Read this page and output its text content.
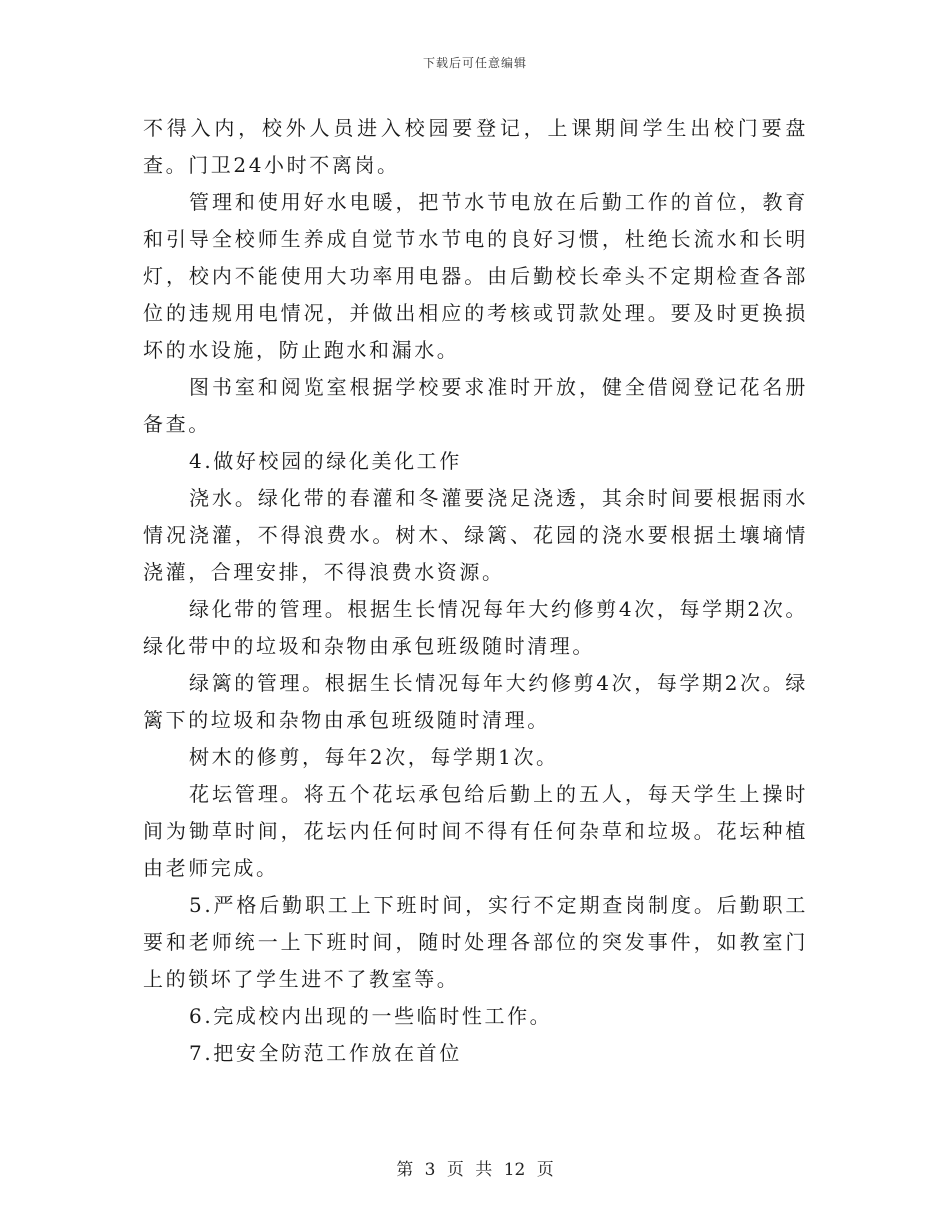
下载后可任意编辑

不得入内，校外人员进入校园要登记，上课期间学生出校门要盘查。门卫24小时不离岗。

管理和使用好水电暖，把节水节电放在后勤工作的首位，教育和引导全校师生养成自觉节水节电的良好习惯，杜绝长流水和长明灯，校内不能使用大功率用电器。由后勤校长牵头不定期检查各部位的违规用电情况，并做出相应的考核或罚款处理。要及时更换损坏的水设施，防止跑水和漏水。

图书室和阅览室根据学校要求准时开放，健全借阅登记花名册备查。

4.做好校园的绿化美化工作

浇水。绿化带的春灌和冬灌要浇足浇透，其余时间要根据雨水情况浇灌，不得浪费水。树木、绿篱、花园的浇水要根据土壤墒情浇灌，合理安排，不得浪费水资源。

绿化带的管理。根据生长情况每年大约修剪4次，每学期2次。绿化带中的垃圾和杂物由承包班级随时清理。

绿篱的管理。根据生长情况每年大约修剪4次，每学期2次。绿篱下的垃圾和杂物由承包班级随时清理。

树木的修剪，每年2次，每学期1次。

花坛管理。将五个花坛承包给后勤上的五人，每天学生上操时间为锄草时间，花坛内任何时间不得有任何杂草和垃圾。花坛种植由老师完成。

5.严格后勤职工上下班时间，实行不定期查岗制度。后勤职工要和老师统一上下班时间，随时处理各部位的突发事件，如教室门上的锁坏了学生进不了教室等。

6.完成校内出现的一些临时性工作。

7.把安全防范工作放在首位

第 3 页 共 12 页
